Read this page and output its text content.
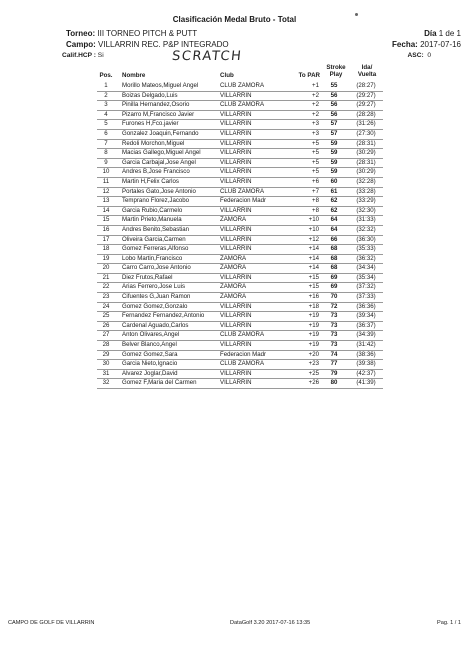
Clasificación Medal Bruto - Total
Torneo: III TORNEO PITCH & PUTT
Campo: VILLARRIN REC. P&P INTEGRADO
Calif.HCP : Si	SCRATCH
Día 1 de 1
Fecha: 2017-07-16
ASC: 0
Pos.	Nombre	Club	To PAR
Stroke Play
Ida/ Vuelta
1	Morillo Mateos,Miguel Angel	CLUB ZAMORA	+1	55	(28:27)
2	Boizas Delgado,Luis	VILLARRIN	+2	56	(29:27)
3	Pinilla Hernandez,Osorio	CLUB ZAMORA	+2	56	(29:27)
4	Pizarro M,Francisco Javier	VILLARRIN	+2	56	(28:28)
5	Furones H,Fco.javier	VILLARRIN	+3	57	(31:26)
6	Gonzalez Joaquin,Fernando	VILLARRIN	+3	57	(27:30)
7	Redoli Morchon,Miguel	VILLARRIN	+5	59	(28:31)
8	Macias Gallego,Miguel Angel	VILLARRIN	+5	59	(30:29)
9	Garcia Carbajal,Jose Angel	VILLARRIN	+5	59	(28:31)
10	Andres B,Jose Francisco	VILLARRIN	+5	59	(30:29)
11	Martin H,Felix Carlos	VILLARRIN	+6	60	(32:28)
12	Portales Gato,Jose Antonio	CLUB ZAMORA	+7	61	(33:28)
13	Temprano Florez,Jacobo	Federacion Madr	+8	62	(33:29)
14	Garcia Rubio,Carmelo	VILLARRIN	+8	62	(32:30)
15	Martin Prieto,Manuela	ZAMORA	+10	64	(31:33)
16	Andres Benito,Sebastian	VILLARRIN	+10	64	(32:32)
17	Oliveira Garcia,Carmen	VILLARRIN	+12	66	(36:30)
18	Gomez Ferreras,Alfonso	VILLARRIN	+14	68	(35:33)
19	Lobo Martin,Francisco	ZAMORA	+14	68	(36:32)
20	Carro Carro,Jose Antonio	ZAMORA	+14	68	(34:34)
21	Diez Frutos,Rafael	VILLARRIN	+15	69	(35:34)
22	Arias Ferrero,Jose Luis	ZAMORA	+15	69	(37:32)
23	Cifuentes G,Juan Ramon	ZAMORA	+16	70	(37:33)
24	Gomez Gomez,Gonzalo	VILLARRIN	+18	72	(36:36)
25	Fernandez Fernandez,Antonio	VILLARRIN	+19	73	(39:34)
26	Cardenal Aguado,Carlos	VILLARRIN	+19	73	(36:37)
27	Anton Olivares,Angel	CLUB ZAMORA	+19	73	(34:39)
28	Belver Blanco,Angel	VILLARRIN	+19	73	(31:42)
29	Gomez Gomez,Sara	Federacion Madr	+20	74	(38:36)
30	Garcia Nieto,Ignacio	CLUB ZAMORA	+23	77	(39:38)
31	Alvarez Joglar,David	VILLARRIN	+25	79	(42:37)
32	Gomez F,Maria del Carmen	VILLARRIN	+26	80	(41:39)
CAMPO DE GOLF DE VILLARRIN	DataGolf 3.20 2017-07-16 13:35	Pag. 1 / 1
